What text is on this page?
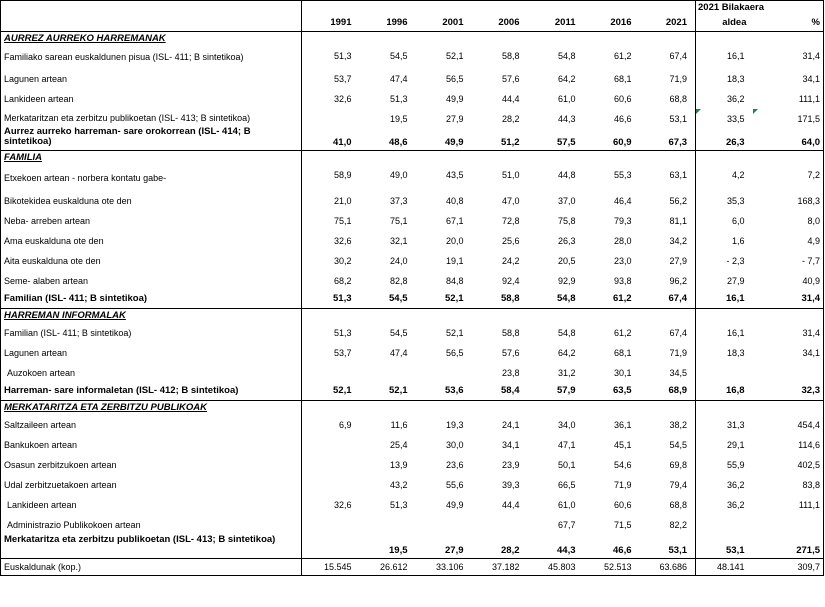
	1991	1996	2001	2006	2011	2016	2021	2021 Bilakaera
aldea	%
AURREZ AURREKO HARREMANAK									
Familiako sarean euskaldunen pisua (ISL- 411; B sintetikoa)	51,3	54,5	52,1	58,8	54,8	61,2	67,4	16,1	31,4
Lagunen artean	53,7	47,4	56,5	57,6	64,2	68,1	71,9	18,3	34,1
Lankideen artean	32,6	51,3	49,9	44,4	61,0	60,6	68,8	36,2	111,1
Merkataritzan eta zerbitzu publikoetan (ISL- 413; B sintetikoa)		19,5	27,9	28,2	44,3	46,6	53,1	33,5	171,5
Aurrez aurreko harreman- sare orokorrean (ISL- 414; B sintetikoa)	41,0	48,6	49,9	51,2	57,5	60,9	67,3	26,3	64,0
FAMILIA									
Etxekoen artean - norbera kontatu gabe-	58,9	49,0	43,5	51,0	44,8	55,3	63,1	4,2	7,2
Bikotekidea euskalduna ote den	21,0	37,3	40,8	47,0	37,0	46,4	56,2	35,3	168,3
Neba- arreben artean	75,1	75,1	67,1	72,8	75,8	79,3	81,1	6,0	8,0
Ama euskalduna ote den	32,6	32,1	20,0	25,6	26,3	28,0	34,2	1,6	4,9
Aita euskalduna ote den	30,2	24,0	19,1	24,2	20,5	23,0	27,9	- 2,3	- 7,7
Seme- alaben artean	68,2	82,8	84,8	92,4	92,9	93,8	96,2	27,9	40,9
Familian (ISL- 411; B sintetikoa)	51,3	54,5	52,1	58,8	54,8	61,2	67,4	16,1	31,4
HARREMAN INFORMALAK									
Familian (ISL- 411; B sintetikoa)	51,3	54,5	52,1	58,8	54,8	61,2	67,4	16,1	31,4
Lagunen artean	53,7	47,4	56,5	57,6	64,2	68,1	71,9	18,3	34,1
Auzokoen artean				23,8	31,2	30,1	34,5		
Harreman- sare informaletan (ISL- 412; B sintetikoa)	52,1	52,1	53,6	58,4	57,9	63,5	68,9	16,8	32,3
MERKATARITZA ETA ZERBITZU PUBLIKOAK									
Saltzaileen artean	6,9	11,6	19,3	24,1	34,0	36,1	38,2	31,3	454,4
Bankukoen artean		25,4	30,0	34,1	47,1	45,1	54,5	29,1	114,6
Osasun zerbitzukoen artean		13,9	23,6	23,9	50,1	54,6	69,8	55,9	402,5
Udal zerbitzuetakoen artean		43,2	55,6	39,3	66,5	71,9	79,4	36,2	83,8
Lankideen artean	32,6	51,3	49,9	44,4	61,0	60,6	68,8	36,2	111,1
Administrazio Publikokoen artean					67,7	71,5	82,2		
Merkataritza eta zerbitzu publikoetan (ISL- 413; B sintetikoa)		19,5	27,9	28,2	44,3	46,6	53,1	53,1	271,5
Euskaldunak (kop.)	15.545	26.612	33.106	37.182	45.803	52.513	63.686	48.141	309,7
